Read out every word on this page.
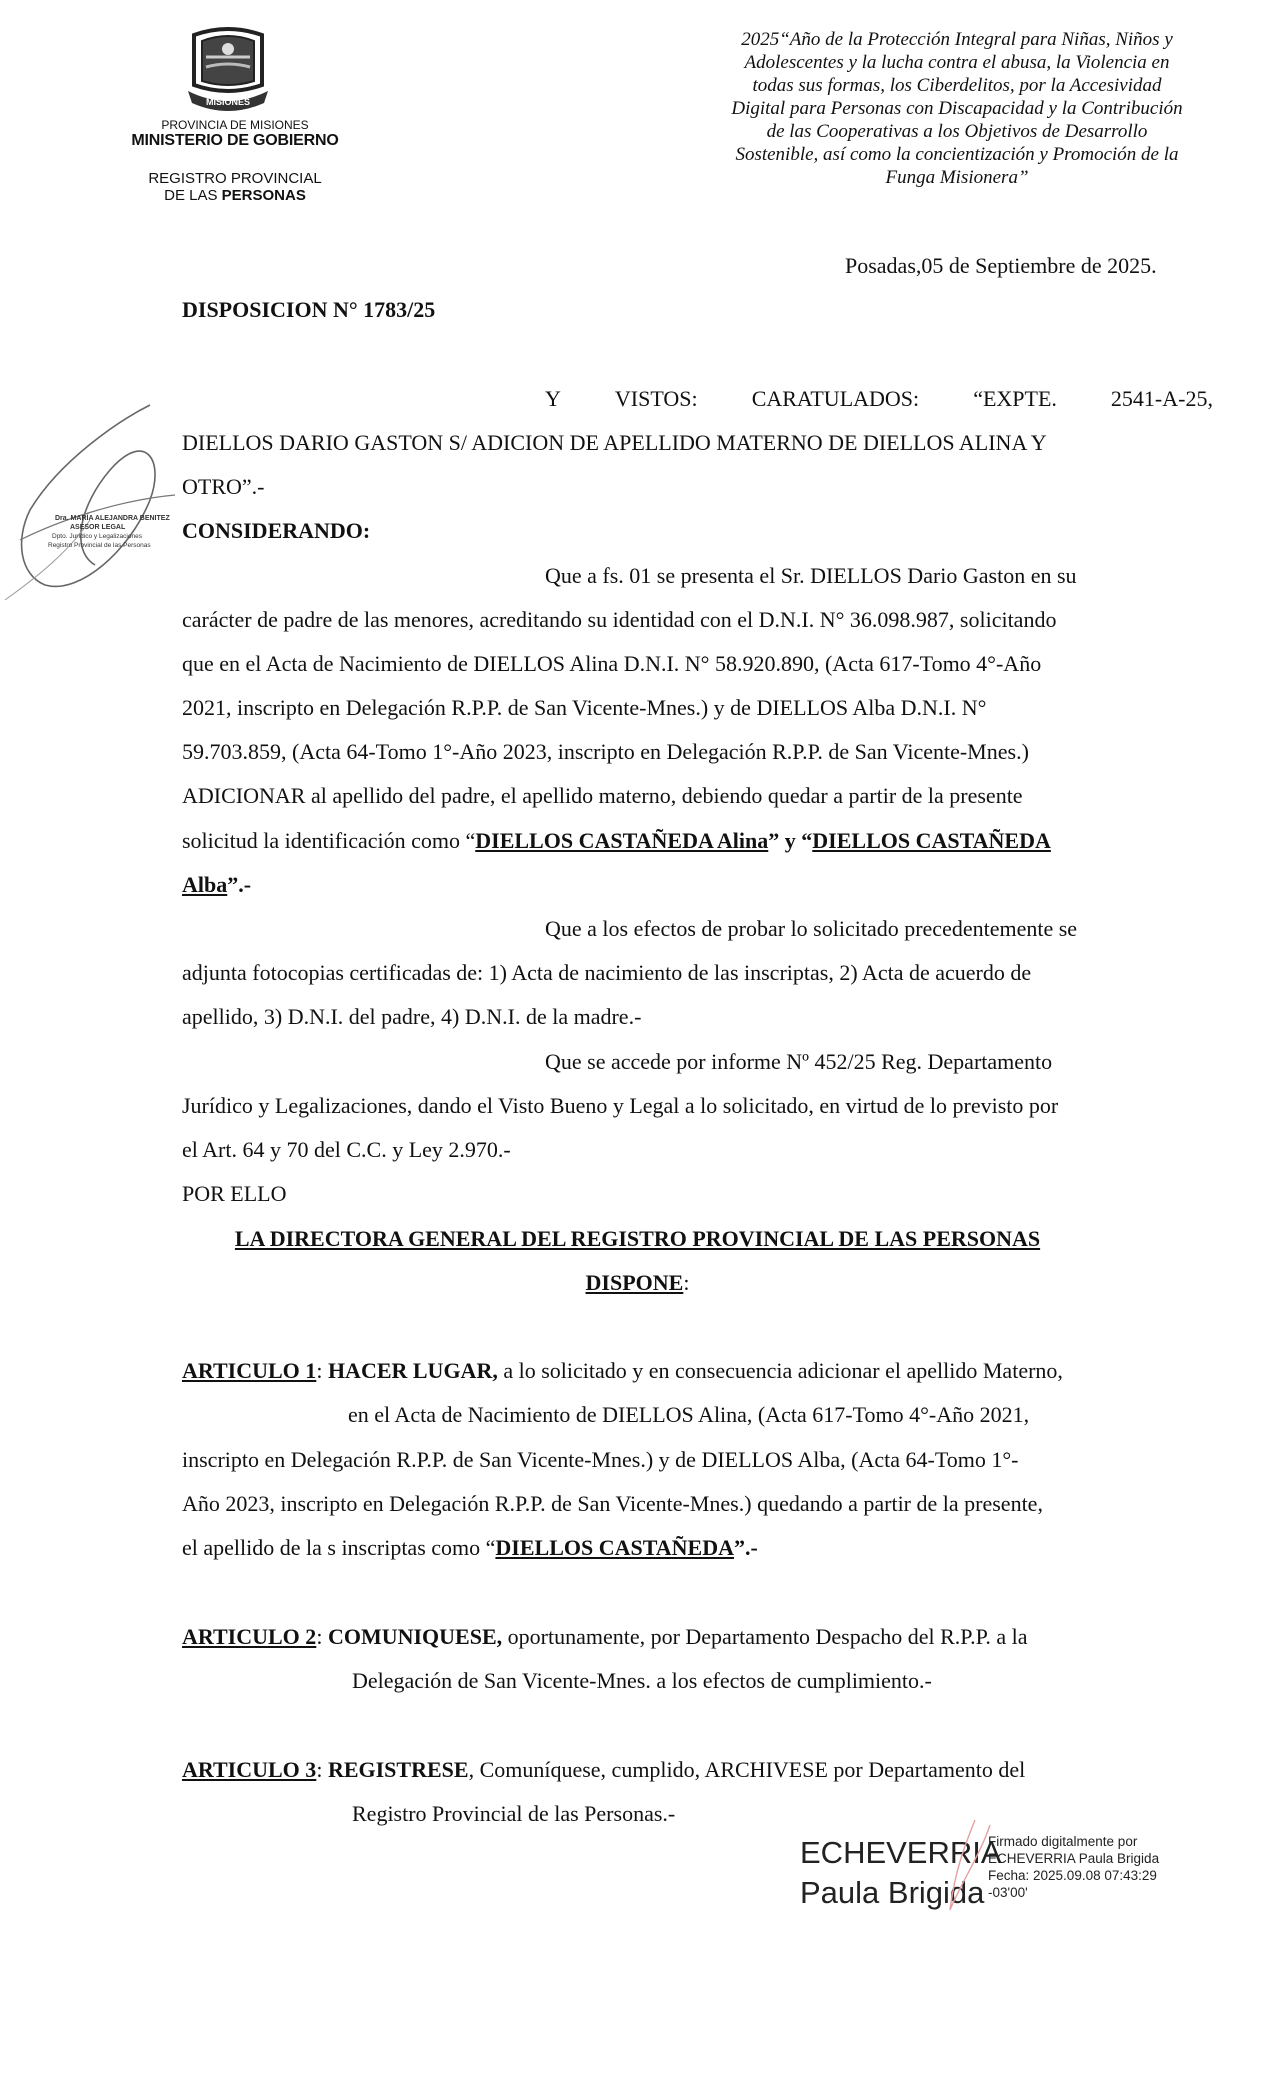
MISIONES
PROVINCIA DE MISIONES
MINISTERIO DE GOBIERNO
REGISTRO PROVINCIAL
DE LAS PERSONAS
2025“Año de la Protección Integral para Niñas, Niños y
Adolescentes y la lucha contra el abusa, la Violencia en
todas sus formas, los Ciberdelitos, por la Accesividad
Digital para Personas con Discapacidad y la Contribución
de las Cooperativas a los Objetivos de Desarrollo
Sostenible, así como la concientización y Promoción de la
Funga Misionera”
Posadas,05 de Septiembre de 2025.
DISPOSICION N° 1783/25
Y VISTOS: CARATULADOS: “EXPTE. 2541-A-25,
DIELLOS DARIO GASTON S/ ADICION DE APELLIDO MATERNO DE DIELLOS ALINA Y
OTRO”.-
Dra. MARÍA ALEJANDRA BENITEZ
ASESOR LEGAL
Dpto. Jurídico y Legalizaciones
Registro Provincial de las Personas
CONSIDERANDO:
Que a fs. 01 se presenta el Sr. DIELLOS Dario Gaston en su
carácter de padre de las menores, acreditando su identidad con el D.N.I. N° 36.098.987, solicitando
que en el Acta de Nacimiento de DIELLOS Alina D.N.I. N° 58.920.890, (Acta 617-Tomo 4°-Año
2021, inscripto en Delegación R.P.P. de San Vicente-Mnes.) y de DIELLOS Alba D.N.I. N°
59.703.859, (Acta 64-Tomo 1°-Año 2023, inscripto en Delegación R.P.P. de San Vicente-Mnes.)
ADICIONAR al apellido del padre, el apellido materno, debiendo quedar a partir de la presente
solicitud la identificación como “DIELLOS CASTAÑEDA Alina” y “DIELLOS CASTAÑEDA
Alba”.-
Que a los efectos de probar lo solicitado precedentemente se
adjunta fotocopias certificadas de: 1) Acta de nacimiento de las inscriptas, 2) Acta de acuerdo de
apellido, 3) D.N.I. del padre, 4) D.N.I. de la madre.-
Que se accede por informe Nº 452/25 Reg. Departamento
Jurídico y Legalizaciones, dando el Visto Bueno y Legal a lo solicitado, en virtud de lo previsto por
el Art. 64 y 70 del C.C. y Ley 2.970.-
POR ELLO
LA DIRECTORA GENERAL DEL REGISTRO PROVINCIAL DE LAS PERSONAS
DISPONE:
ARTICULO 1: HACER LUGAR, a lo solicitado y en consecuencia adicionar el apellido Materno,
en el Acta de Nacimiento de DIELLOS Alina, (Acta 617-Tomo 4°-Año 2021,
inscripto en Delegación R.P.P. de San Vicente-Mnes.) y de DIELLOS Alba, (Acta 64-Tomo 1°-
Año 2023, inscripto en Delegación R.P.P. de San Vicente-Mnes.) quedando a partir de la presente,
el apellido de la s inscriptas como “DIELLOS CASTAÑEDA”.-
ARTICULO 2: COMUNIQUESE, oportunamente, por Departamento Despacho del R.P.P. a la
Delegación de San Vicente-Mnes. a los efectos de cumplimiento.-
ARTICULO 3: REGISTRESE, Comuníquese, cumplido, ARCHIVESE por Departamento del
Registro Provincial de las Personas.-
ECHEVERRIA
Paula Brigida
Firmado digitalmente por
ECHEVERRIA Paula Brigida
Fecha: 2025.09.08 07:43:29
-03'00'
